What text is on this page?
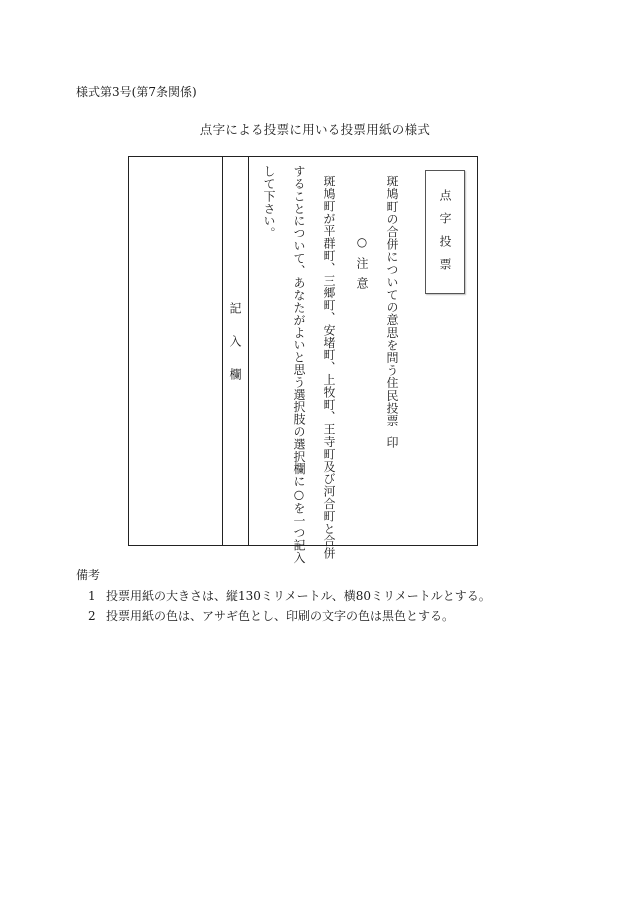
様式第3号(第7条関係)
点字による投票に用いる投票用紙の様式
記入欄
点字投票
斑鳩町の合併についての意思を問う住民投票
印
○注意
斑鳩町が平群町、三郷町、安堵町、上牧町、王寺町及び河合町と合併
することについて、あなたがよいと思う選択肢の選択欄に○を一つ記入
して下さい。
備考
1 投票用紙の大きさは、縦130ミリメートル、横80ミリメートルとする。
2 投票用紙の色は、アサギ色とし、印刷の文字の色は黒色とする。
